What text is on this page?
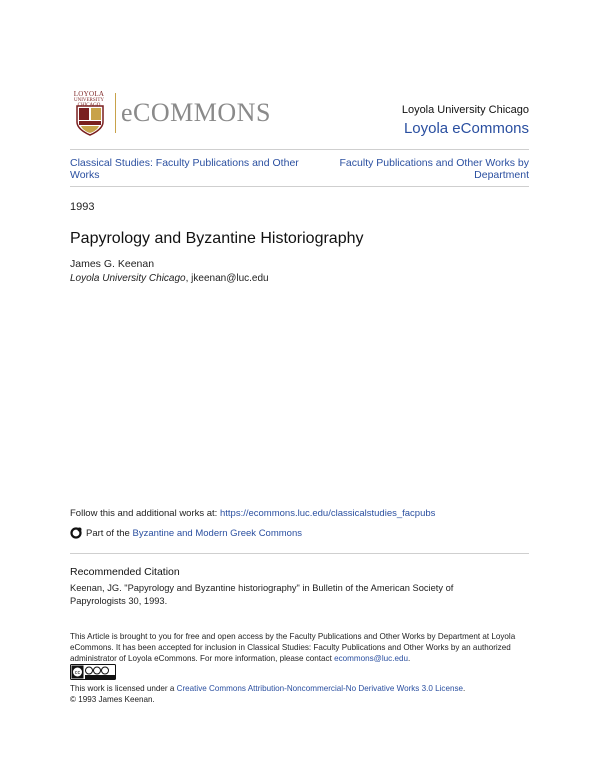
LOYOLA
UNIVERSITY eCOMMONS	Loyola University Chicago
Loyola eCommons
Classical Studies: Faculty Publications and Other Works
Faculty Publications and Other Works by Department
1993
Papyrology and Byzantine Historiography
James G. Keenan
Loyola University Chicago, jkeenan@luc.edu
Follow this and additional works at: https://ecommons.luc.edu/classicalstudies_facpubs
Part of the
Byzantine and Modern Greek Commons
Recommended Citation
Keenan, JG. "Papyrology and Byzantine historiography" in Bulletin of the American Society of Papyrologists 30, 1993.
This Article is brought to you for free and open access by the Faculty Publications and Other Works by Department at Loyola eCommons. It has been accepted for inclusion in Classical Studies: Faculty Publications and Other Works by an authorized administrator of Loyola eCommons. For more information, please contact ecommons@luc.edu.
cc
This work is licensed under a Creative Commons Attribution-Noncommercial-No Derivative Works 3.0 License.
© 1993 James Keenan.
